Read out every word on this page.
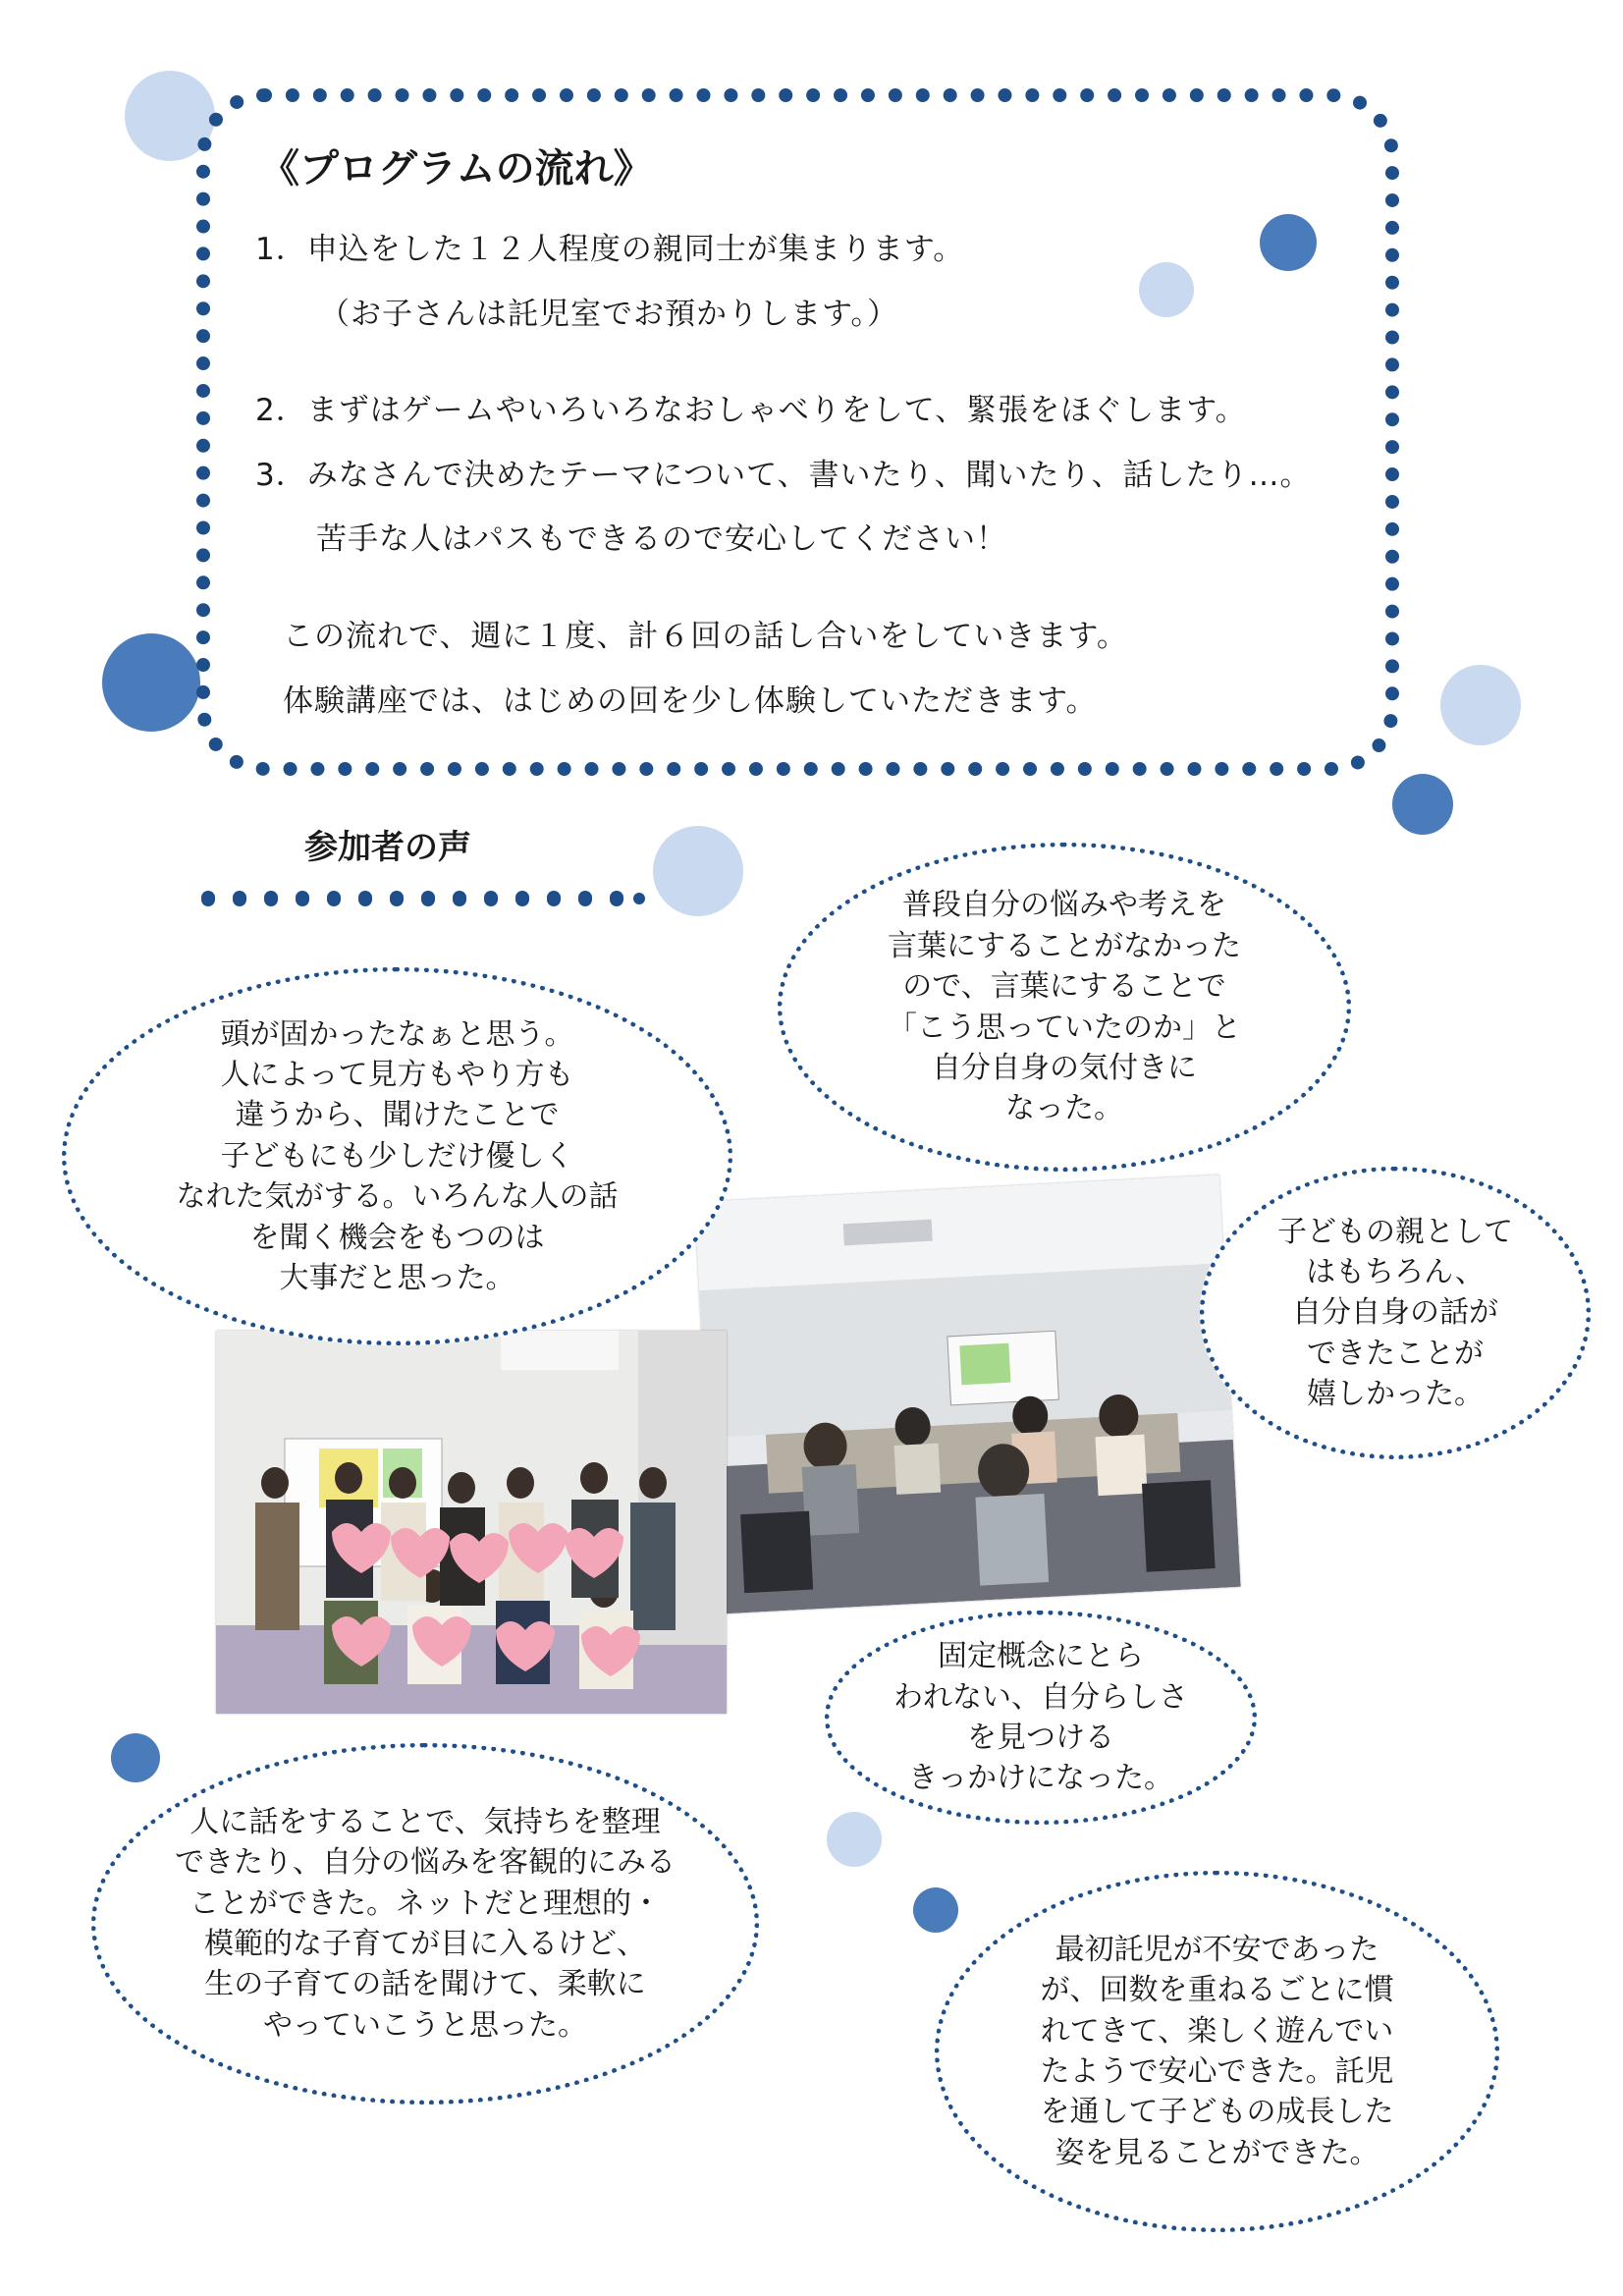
《プログラムの流れ》
1．申込をした１２人程度の親同士が集まります。
（お子さんは託児室でお預かりします。）
2．まずはゲームやいろいろなおしゃべりをして、緊張をほぐします。
3．みなさんで決めたテーマについて、書いたり、聞いたり、話したり…。
苦手な人はパスもできるので安心してください！
この流れで、週に１度、計６回の話し合いをしていきます。
体験講座では、はじめの回を少し体験していただきます。
参加者の声
普段自分の悩みや考えを
言葉にすることがなかった
ので、言葉にすることで
「こう思っていたのか」と
自分自身の気付きに
なった。
頭が固かったなぁと思う。
人によって見方もやり方も
違うから、聞けたことで
子どもにも少しだけ優しく
なれた気がする。いろんな人の話
を聞く機会をもつのは
大事だと思った。
子どもの親として
はもちろん、
自分自身の話が
できたことが
嬉しかった。
固定概念にとら
われない、自分らしさ
を見つける
きっかけになった。
人に話をすることで、気持ちを整理
できたり、自分の悩みを客観的にみる
ことができた。ネットだと理想的・
模範的な子育てが目に入るけど、
生の子育ての話を聞けて、柔軟に
やっていこうと思った。
最初託児が不安であった
が、回数を重ねるごとに慣
れてきて、楽しく遊んでい
たようで安心できた。託児
を通して子どもの成長した
姿を見ることができた。
